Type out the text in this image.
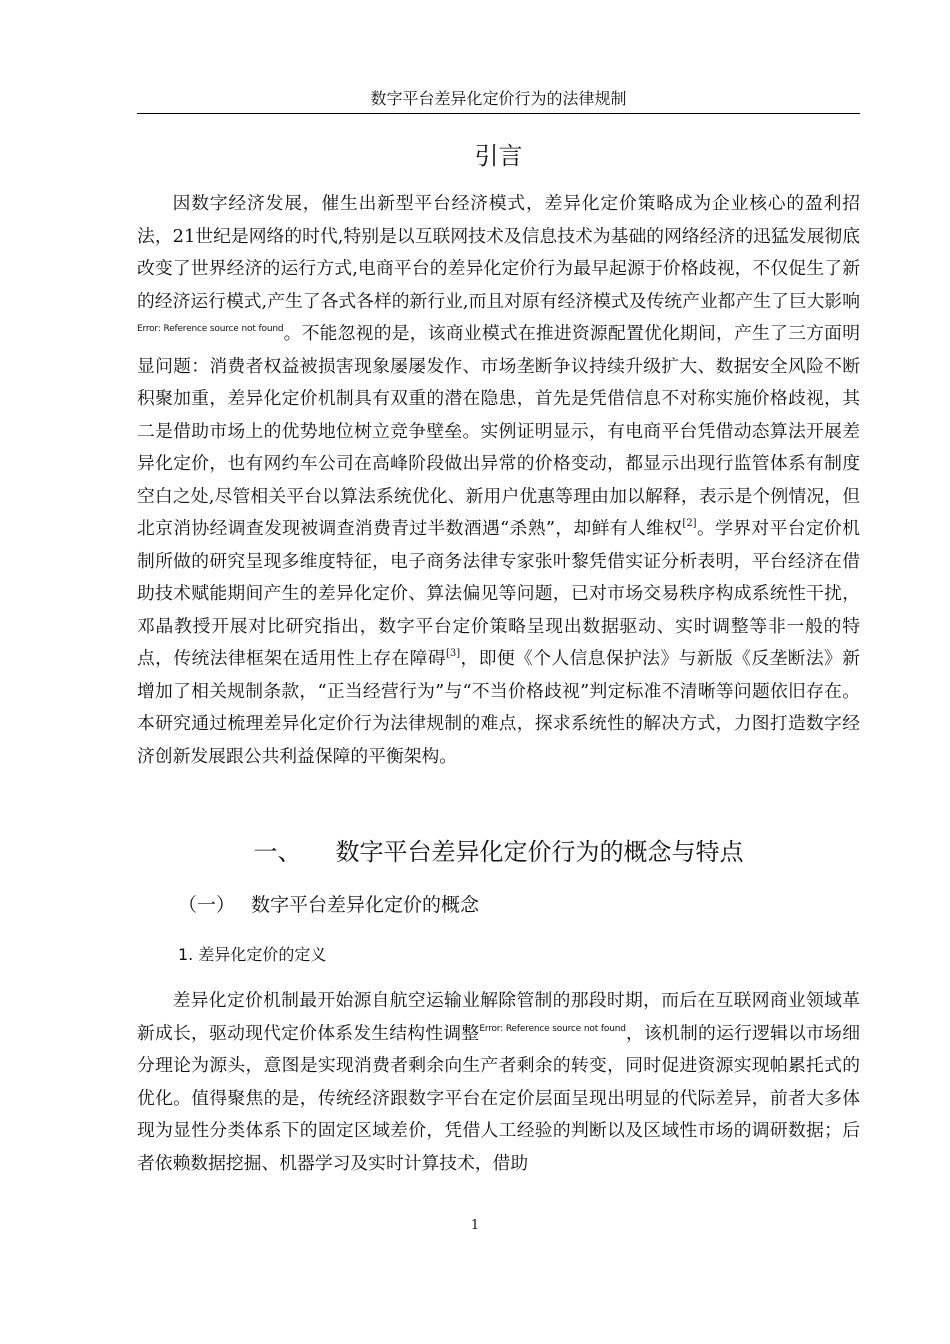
数字平台差异化定价行为的法律规制
引言

因数字经济发展，催生出新型平台经济模式，差异化定价策略成为企业核心的盈利招法，21世纪是网络的时代,特别是以互联网技术及信息技术为基础的网络经济的迅猛发展彻底改变了世界经济的运行方式,电商平台的差异化定价行为最早起源于价格歧视，不仅促生了新的经济运行模式,产生了各式各样的新行业,而且对原有经济模式及传统产业都产生了巨大影响$^{Error: Reference source not found}$。不能忽视的是，该商业模式在推进资源配置优化期间，产生了三方面明显问题：消费者权益被损害现象屡屡发作、市场垄断争议持续升级扩大、数据安全风险不断积聚加重，差异化定价机制具有双重的潜在隐患，首先是凭借信息不对称实施价格歧视，其二是借助市场上的优势地位树立竞争壁垒。实例证明显示，有电商平台凭借动态算法开展差异化定价，也有网约车公司在高峰阶段做出异常的价格变动，都显示出现行监管体系有制度空白之处,尽管相关平台以算法系统优化、新用户优惠等理由加以解释，表示是个例情况，但北京消协经调查发现被调查消费青过半数酒遇“杀熟”，却鲜有人维权[2]。学界对平台定价机制所做的研究呈现多维度特征，电子商务法律专家张叶黎凭借实证分析表明，平台经济在借助技术赋能期间产生的差异化定价、算法偏见等问题，已对市场交易秩序构成系统性干扰，邓晶教授开展对比研究指出，数字平台定价策略呈现出数据驱动、实时调整等非一般的特点，传统法律框架在适用性上存在障碍[3]，即便《个人信息保护法》与新版《反垄断法》新增加了相关规制条款，“正当经营行为”与“不当价格歧视”判定标准不清晰等问题依旧存在。本研究通过梳理差异化定价行为法律规制的难点，探求系统性的解决方式，力图打造数字经济创新发展跟公共利益保障的平衡架构。

一、 数字平台差异化定价行为的概念与特点
（一） 数字平台差异化定价的概念
1. 差异化定价的定义

差异化定价机制最开始源自航空运输业解除管制的那段时期，而后在互联网商业领域革新成长，驱动现代定价体系发生结构性调整$^{Error: Reference source not found}$，该机制的运行逻辑以市场细分理论为源头，意图是实现消费者剩余向生产者剩余的转变，同时促进资源实现帕累托式的优化。值得聚焦的是，传统经济跟数字平台在定价层面呈现出明显的代际差异，前者大多体现为显性分类体系下的固定区域差价，凭借人工经验的判断以及区域性市场的调研数据；后者依赖数据挖掘、机器学习及实时计算技术，借助

1
